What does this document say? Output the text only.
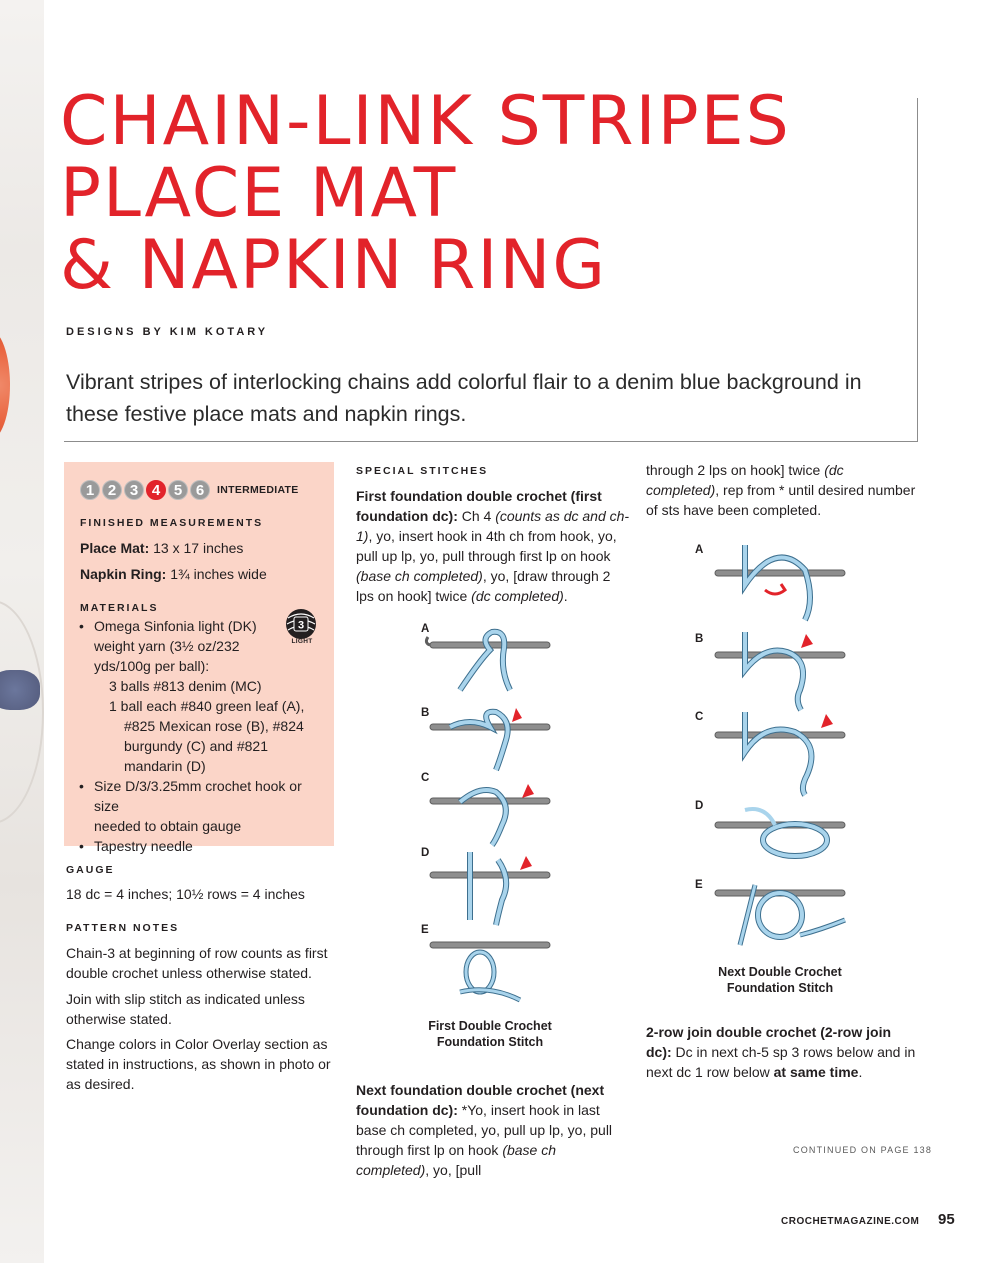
CHAIN-LINK STRIPES
PLACE MAT
& NAPKIN RING
DESIGNS BY KIM KOTARY

Vibrant stripes of interlocking chains add colorful flair to a denim blue background in these festive place mats and napkin rings.

1 2 3 4 5 6	INTERMEDIATE
FINISHED MEASUREMENTS
Place Mat: 13 x 17 inches
Napkin Ring: 1¾ inches wide
MATERIALS
3
LIGHT
• Omega Sinfonia light (DK)
weight yarn (3½ oz/232
yds/100g per ball):
3 balls #813 denim (MC)
1 ball each #840 green leaf (A),
#825 Mexican rose (B), #824
burgundy (C) and #821
mandarin (D)
• Size D/3/3.25mm crochet hook or size
needed to obtain gauge
• Tapestry needle
GAUGE
18 dc = 4 inches; 10½ rows = 4 inches
PATTERN NOTES

Chain-3 at beginning of row counts as first double crochet unless otherwise stated.

Join with slip stitch as indicated unless otherwise stated.

Change colors in Color Overlay section as stated in instructions, as shown in photo or as desired.

SPECIAL STITCHES

First foundation double crochet (first foundation dc): Ch 4 (counts as dc and ch-1), yo, insert hook in 4th ch from hook, yo, pull up lp, yo, pull through first lp on hook (base ch completed), yo, [draw through 2 lps on hook] twice (dc completed).

A
B
C
D
E
First Double Crochet
Foundation Stitch

Next foundation double crochet (next foundation dc): *Yo, insert hook in last base ch completed, yo, pull up lp, yo, pull through first lp on hook (base ch completed), yo, [pull

through 2 lps on hook] twice (dc completed), rep from * until desired number of sts have been completed.

A
B
C
D
E
Next Double Crochet
Foundation Stitch

2-row join double crochet (2-row join dc): Dc in next ch-5 sp 3 rows below and in next dc 1 row below at same time.

CONTINUED ON PAGE 138
CROCHETMAGAZINE.COM 95
